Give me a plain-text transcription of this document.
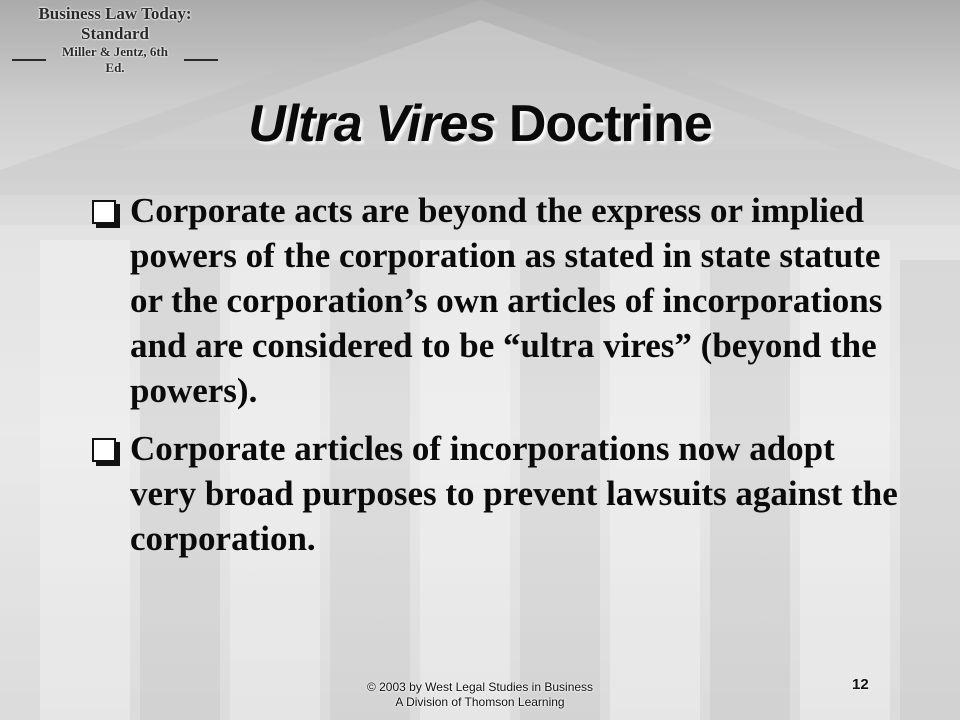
Business Law Today: Standard
Miller & Jentz, 6th Ed.
Ultra Vires Doctrine
Corporate acts are beyond the express or implied powers of the corporation as stated in state statute or the corporation’s own articles of incorporations and are considered to be “ultra vires” (beyond the powers).
Corporate articles of incorporations now adopt very broad purposes to prevent lawsuits against the corporation.
© 2003 by West Legal Studies in Business
A Division of Thomson Learning
12
